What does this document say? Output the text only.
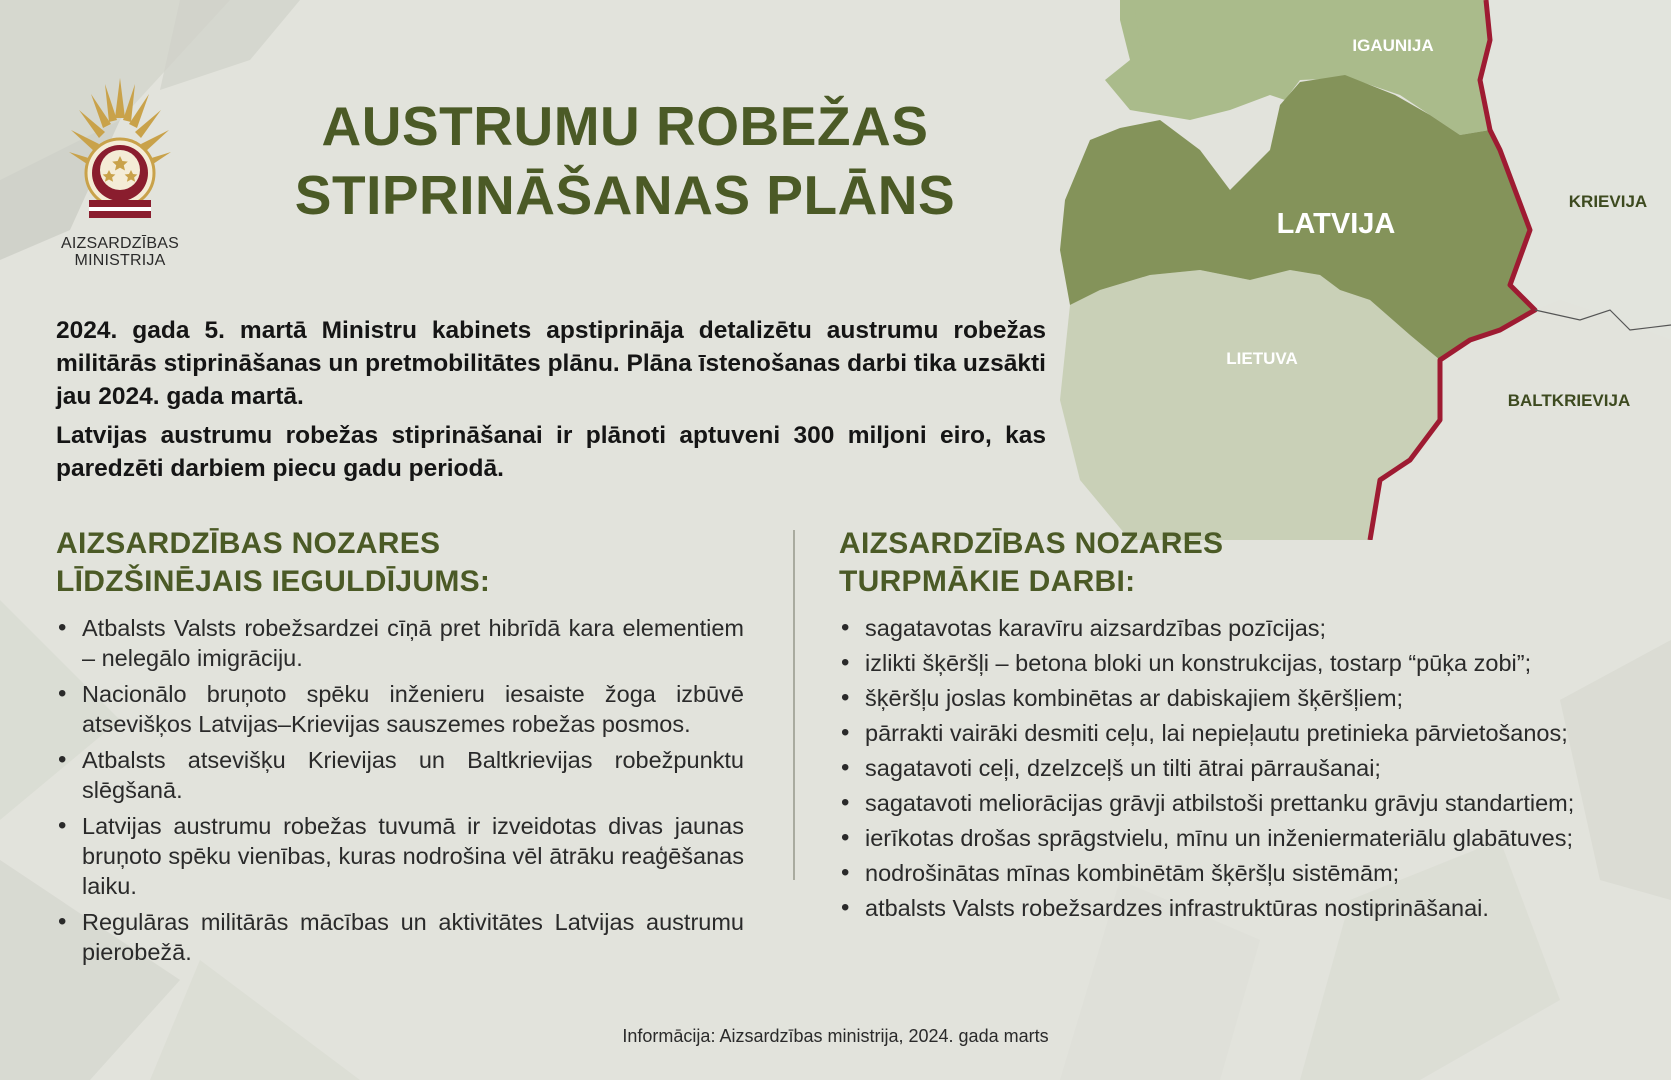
IGAUNIJA
LATVIJA
KRIEVIJA
LIETUVA
BALTKRIEVIJA
AIZSARDZĪBAS
MINISTRIJA
AUSTRUMU ROBEŽAS
STIPRINĀŠANAS PLĀNS

2024. gada 5. martā Ministru kabinets apstiprināja detalizētu austrumu robežas militārās stiprināšanas un pretmobilitātes plānu. Plāna īstenošanas darbi tika uzsākti jau 2024. gada martā.

Latvijas austrumu robežas stiprināšanai ir plānoti aptuveni 300 miljoni eiro, kas paredzēti darbiem piecu gadu periodā.

AIZSARDZĪBAS NOZARES
LĪDZŠINĒJAIS IEGULDĪJUMS:
• Atbalsts Valsts robežsardzei cīņā pret hibrīdā kara elementiem – nelegālo imigrāciju.
• Nacionālo bruņoto spēku inženieru iesaiste žoga izbūvē atsevišķos Latvijas–Krievijas sauszemes robežas posmos.
• Atbalsts atsevišķu Krievijas un Baltkrievijas robežpunktu slēgšanā.
• Latvijas austrumu robežas tuvumā ir izveidotas divas jaunas bruņoto spēku vienības, kuras nodrošina vēl ātrāku reaģēšanas laiku.
• Regulāras militārās mācības un aktivitātes Latvijas austrumu pierobežā.
AIZSARDZĪBAS NOZARES
TURPMĀKIE DARBI:
• sagatavotas karavīru aizsardzības pozīcijas;
• izlikti šķēršļi – betona bloki un konstrukcijas, tostarp “pūķa zobi”;
• šķēršļu joslas kombinētas ar dabiskajiem šķēršļiem;
• pārrakti vairāki desmiti ceļu, lai nepieļautu pretinieka pārvietošanos;
• sagatavoti ceļi, dzelzceļš un tilti ātrai pārraušanai;
• sagatavoti meliorācijas grāvji atbilstoši prettanku grāvju standartiem;
• ierīkotas drošas sprāgstvielu, mīnu un inženiermateriālu glabātuves;
• nodrošinātas mīnas kombinētām šķēršļu sistēmām;
• atbalsts Valsts robežsardzes infrastruktūras nostiprināšanai.
Informācija: Aizsardzības ministrija, 2024. gada marts
